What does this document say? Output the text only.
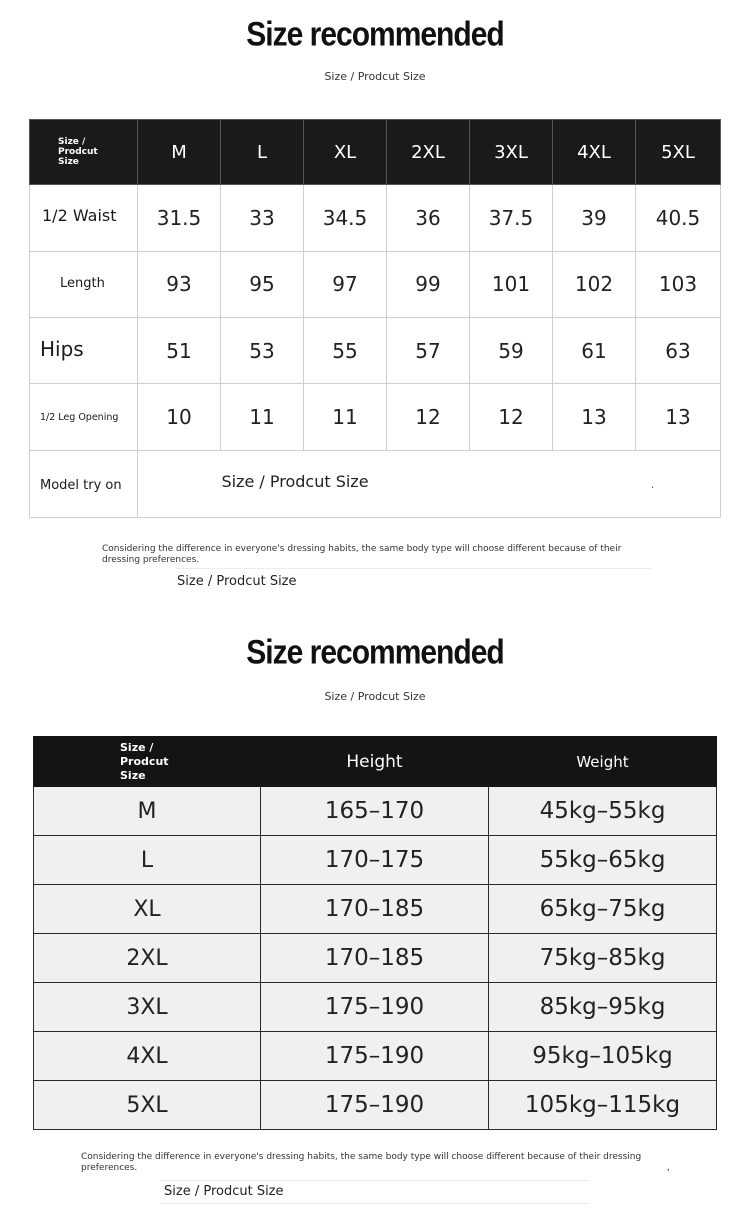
Size recommended
Size / Prodcut Size
Size /
Prodcut
Size	M	L	XL	2XL	3XL	4XL	5XL
1/2 Waist	31.5	33	34.5	36	37.5	39	40.5
Length	93	95	97	99	101	102	103
Hips	51	53	55	57	59	61	63
1/2 Leg Opening	10	11	11	12	12	13	13
Model try on	Size / Prodcut Size							.
Considering the difference in everyone's dressing habits, the same body type will choose different because of their dressing preferences.
Size / Prodcut Size
Size recommended
Size / Prodcut Size
Size /
Prodcut
Size	Height	Weight
M	165–170	45kg–55kg
L	170–175	55kg–65kg
XL	170–185	65kg–75kg
2XL	170–185	75kg–85kg
3XL	175–190	85kg–95kg
4XL	175–190	95kg–105kg
5XL	175–190	105kg–115kg
Considering the difference in everyone's dressing habits, the same body type will choose different because of their dressing preferences.	,
Size / Prodcut Size
